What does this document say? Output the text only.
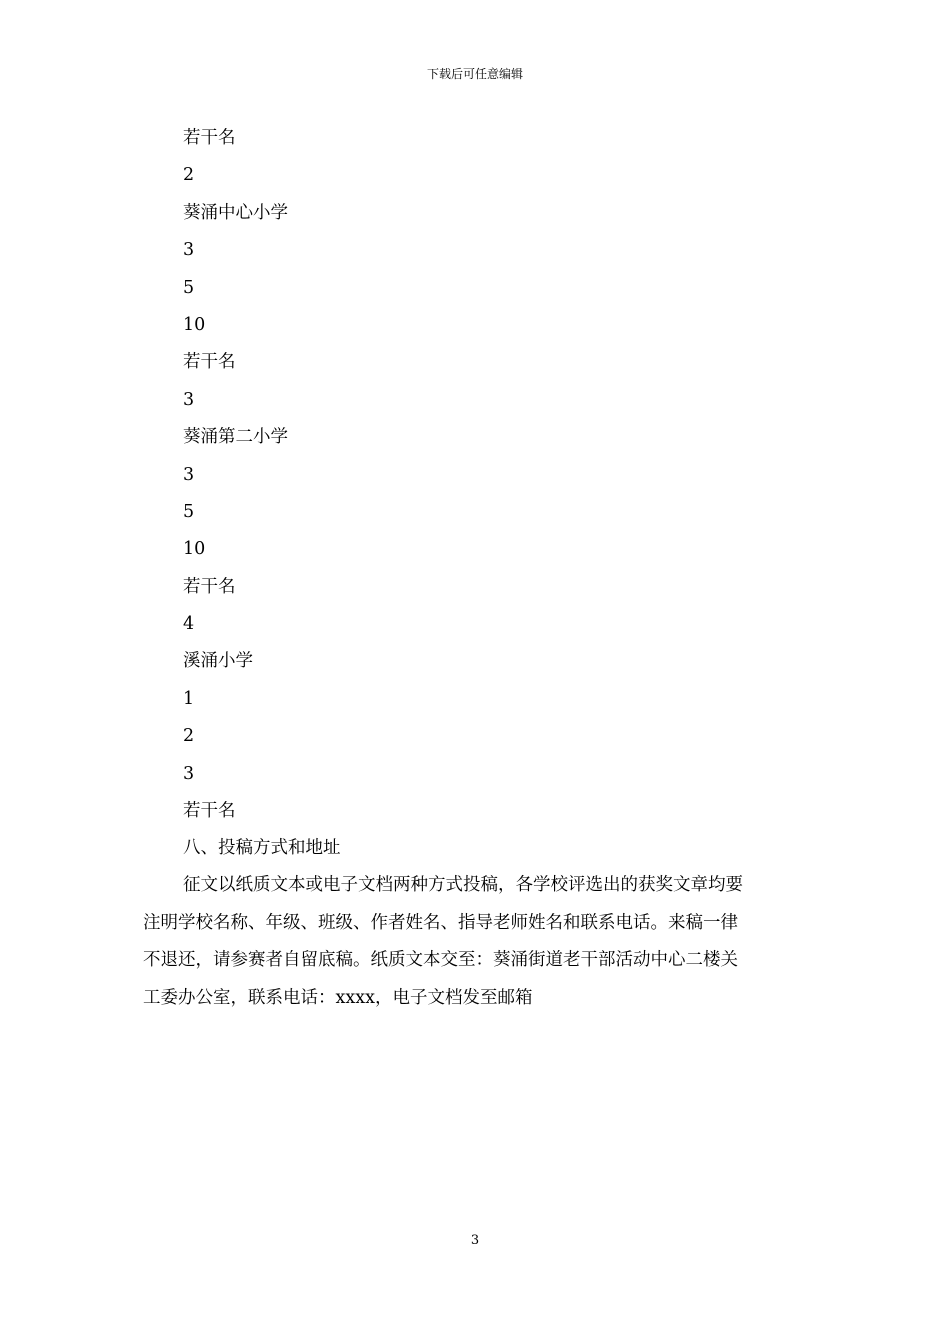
下载后可任意编辑
若干名
2
葵涌中心小学
3
5
10
若干名
3
葵涌第二小学
3
5
10
若干名
4
溪涌小学
1
2
3
若干名
八、投稿方式和地址
征文以纸质文本或电子文档两种方式投稿，各学校评选出的获奖文章均要
注明学校名称、年级、班级、作者姓名、指导老师姓名和联系电话。来稿一律
不退还，请参赛者自留底稿。纸质文本交至：葵涌街道老干部活动中心二楼关
工委办公室，联系电话：xxxx，电子文档发至邮箱
3
